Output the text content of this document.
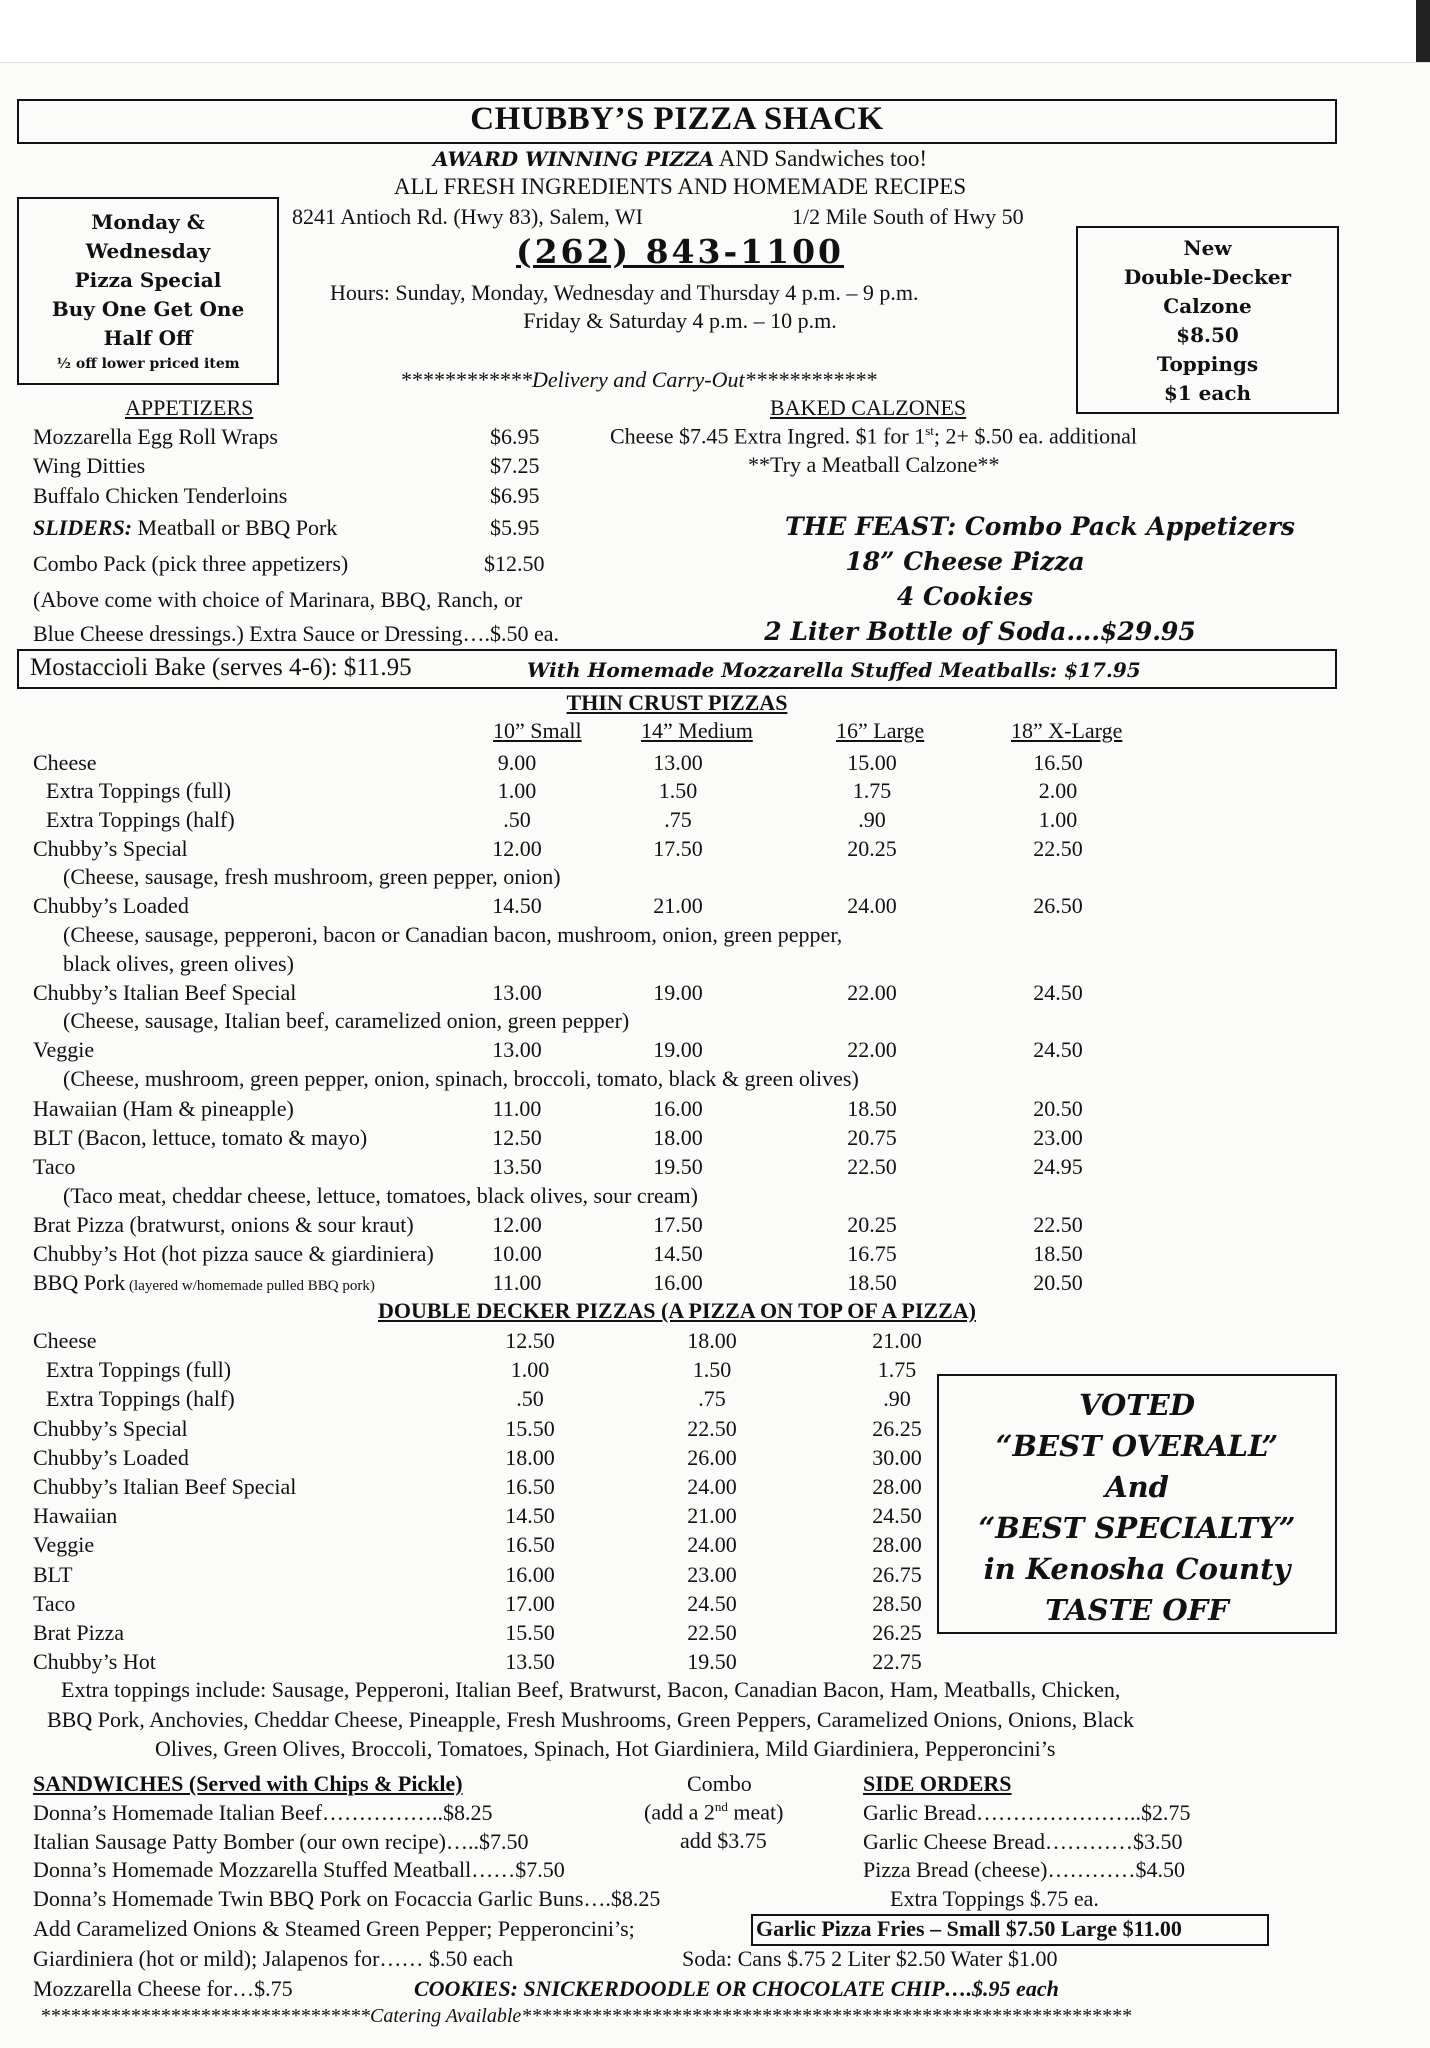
CHUBBY’S PIZZA SHACK
AWARD WINNING PIZZA AND Sandwiches too!
ALL FRESH INGREDIENTS AND HOMEMADE RECIPES
8241 Antioch Rd. (Hwy 83), Salem, WI	1/2 Mile South of Hwy 50
(262) 843-1100
Hours: Sunday, Monday, Wednesday and Thursday 4 p.m. – 9 p.m.
Friday & Saturday 4 p.m. – 10 p.m.
************Delivery and Carry-Out************
Monday &
Wednesday
Pizza Special
Buy One Get One
Half Off
½ off lower priced item
New
Double-Decker
Calzone
$8.50
Toppings
$1 each
APPETIZERS
Mozzarella Egg Roll Wraps	$6.95
Wing Ditties	$7.25
Buffalo Chicken Tenderloins	$6.95
SLIDERS: Meatball or BBQ Pork	$5.95
Combo Pack (pick three appetizers)	$12.50
(Above come with choice of Marinara, BBQ, Ranch, or
Blue Cheese dressings.) Extra Sauce or Dressing….$.50 ea.
BAKED CALZONES
Cheese $7.45 Extra Ingred. $1 for 1st; 2+ $.50 ea. additional
**Try a Meatball Calzone**
THE FEAST: Combo Pack Appetizers
18” Cheese Pizza
4 Cookies
2 Liter Bottle of Soda….$29.95
Mostaccioli Bake (serves 4-6): $11.95	With Homemade Mozzarella Stuffed Meatballs: $17.95
THIN CRUST PIZZAS
10” Small	14” Medium	16” Large	18” X-Large
Cheese	9.00	13.00	15.00	16.50
Extra Toppings (full)	1.00	1.50	1.75	2.00
Extra Toppings (half)	.50	.75	.90	1.00
Chubby’s Special	12.00	17.50	20.25	22.50
(Cheese, sausage, fresh mushroom, green pepper, onion)
Chubby’s Loaded	14.50	21.00	24.00	26.50
(Cheese, sausage, pepperoni, bacon or Canadian bacon, mushroom, onion, green pepper,
black olives, green olives)
Chubby’s Italian Beef Special	13.00	19.00	22.00	24.50
(Cheese, sausage, Italian beef, caramelized onion, green pepper)
Veggie	13.00	19.00	22.00	24.50
(Cheese, mushroom, green pepper, onion, spinach, broccoli, tomato, black & green olives)
Hawaiian (Ham & pineapple)	11.00	16.00	18.50	20.50
BLT (Bacon, lettuce, tomato & mayo)	12.50	18.00	20.75	23.00
Taco	13.50	19.50	22.50	24.95
(Taco meat, cheddar cheese, lettuce, tomatoes, black olives, sour cream)
Brat Pizza (bratwurst, onions & sour kraut)	12.00	17.50	20.25	22.50
Chubby’s Hot (hot pizza sauce & giardiniera)	10.00	14.50	16.75	18.50
BBQ Pork (layered w/homemade pulled BBQ pork)	11.00	16.00	18.50	20.50
DOUBLE DECKER PIZZAS (A PIZZA ON TOP OF A PIZZA)
Cheese	12.50	18.00	21.00
Extra Toppings (full)	1.00	1.50	1.75
Extra Toppings (half)	.50	.75	.90
Chubby’s Special	15.50	22.50	26.25
Chubby’s Loaded	18.00	26.00	30.00
Chubby’s Italian Beef Special	16.50	24.00	28.00
Hawaiian	14.50	21.00	24.50
Veggie	16.50	24.00	28.00
BLT	16.00	23.00	26.75
Taco	17.00	24.50	28.50
Brat Pizza	15.50	22.50	26.25
Chubby’s Hot	13.50	19.50	22.75
VOTED
“BEST OVERALL”
And
“BEST SPECIALTY”
in Kenosha County
TASTE OFF
Extra toppings include: Sausage, Pepperoni, Italian Beef, Bratwurst, Bacon, Canadian Bacon, Ham, Meatballs, Chicken,
BBQ Pork, Anchovies, Cheddar Cheese, Pineapple, Fresh Mushrooms, Green Peppers, Caramelized Onions, Onions, Black
Olives, Green Olives, Broccoli, Tomatoes, Spinach, Hot Giardiniera, Mild Giardiniera, Pepperoncini’s
SANDWICHES (Served with Chips & Pickle)	Combo
(add a 2nd meat)
add $3.75
Donna’s Homemade Italian Beef……………..$8.25
Italian Sausage Patty Bomber (our own recipe)…..$7.50
Donna’s Homemade Mozzarella Stuffed Meatball……$7.50
Donna’s Homemade Twin BBQ Pork on Focaccia Garlic Buns….$8.25
Add Caramelized Onions & Steamed Green Pepper; Pepperoncini’s;
Giardiniera (hot or mild); Jalapenos for…… $.50 each
Mozzarella Cheese for…$.75
SIDE ORDERS
Garlic Bread…………………..$2.75
Garlic Cheese Bread…………$3.50
Pizza Bread (cheese)…………$4.50
Extra Toppings $.75 ea.
Garlic Pizza Fries – Small $7.50 Large $11.00
Soda: Cans $.75 2 Liter $2.50 Water $1.00
COOKIES: SNICKERDOODLE OR CHOCOLATE CHIP….$.95 each
*********************************Catering Available*************************************************************
